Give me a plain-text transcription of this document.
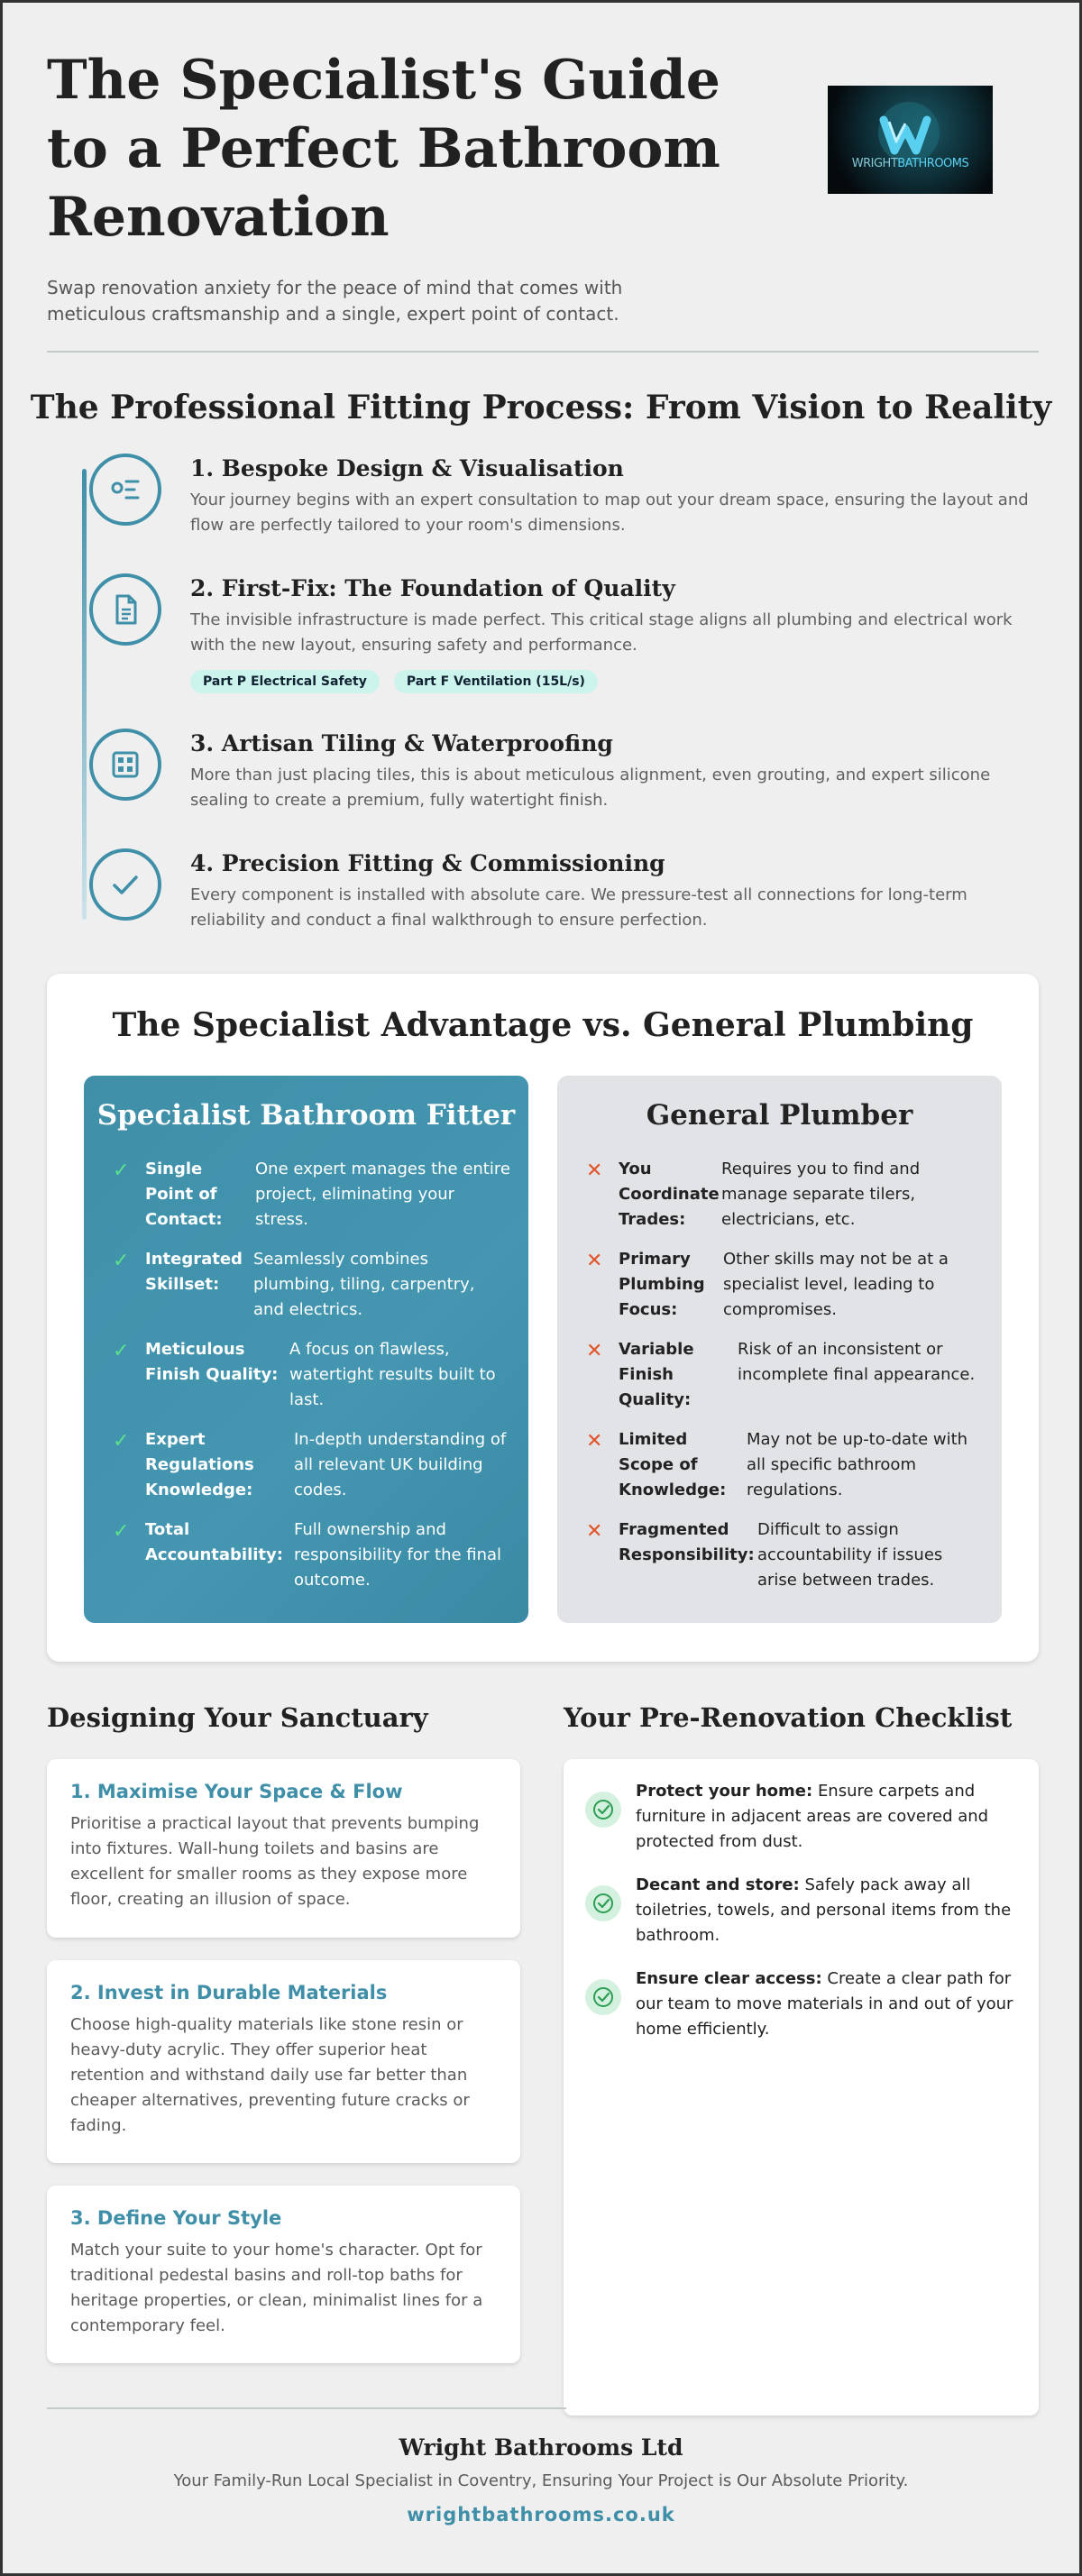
The Specialist's Guide to a Perfect Bathroom Renovation

Swap renovation anxiety for the peace of mind that comes with meticulous craftsmanship and a single, expert point of contact.

WRIGHTBATHROOMS
The Professional Fitting Process: From Vision to Reality
1. Bespoke Design & Visualisation
Your journey begins with an expert consultation to map out your dream space, ensuring the layout and flow are perfectly tailored to your room's dimensions.
2. First-Fix: The Foundation of Quality
The invisible infrastructure is made perfect. This critical stage aligns all plumbing and electrical work with the new layout, ensuring safety and performance.
Part P Electrical Safety	Part F Ventilation (15L/s)
3. Artisan Tiling & Waterproofing
More than just placing tiles, this is about meticulous alignment, even grouting, and expert silicone sealing to create a premium, fully watertight finish.
4. Precision Fitting & Commissioning
Every component is installed with absolute care. We pressure-test all connections for long-term reliability and conduct a final walkthrough to ensure perfection.
The Specialist Advantage vs. General Plumbing
Specialist Bathroom Fitter
✓ Single Point of Contact:
One expert manages the entire project, eliminating your stress.
✓ Integrated Skillset:
Seamlessly combines plumbing, tiling, carpentry, and electrics.
✓ Meticulous Finish Quality:
A focus on flawless, watertight results built to last.
✓ Expert Regulations Knowledge:
In-depth understanding of all relevant UK building codes.
✓ Total Accountability:
Full ownership and responsibility for the final outcome.
General Plumber
✕ You Coordinate Trades:
Requires you to find and manage separate tilers, electricians, etc.
✕ Primary Plumbing Focus:
Other skills may not be at a specialist level, leading to compromises.
✕ Variable Finish Quality:
Risk of an inconsistent or incomplete final appearance.
✕ Limited Scope of Knowledge:
May not be up-to-date with all specific bathroom regulations.
✕ Fragmented Responsibility:
Difficult to assign accountability if issues arise between trades.
Designing Your Sanctuary
1. Maximise Your Space & Flow
Prioritise a practical layout that prevents bumping into fixtures. Wall-hung toilets and basins are excellent for smaller rooms as they expose more floor, creating an illusion of space.
2. Invest in Durable Materials
Choose high-quality materials like stone resin or heavy-duty acrylic. They offer superior heat retention and withstand daily use far better than cheaper alternatives, preventing future cracks or fading.
3. Define Your Style
Match your suite to your home's character. Opt for traditional pedestal basins and roll-top baths for heritage properties, or clean, minimalist lines for a contemporary feel.
Your Pre-Renovation Checklist
Protect your home: Ensure carpets and furniture in adjacent areas are covered and protected from dust.
Decant and store: Safely pack away all toiletries, towels, and personal items from the bathroom.
Ensure clear access: Create a clear path for our team to move materials in and out of your home efficiently.
Wright Bathrooms Ltd
Your Family-Run Local Specialist in Coventry, Ensuring Your Project is Our Absolute Priority.
wrightbathrooms.co.uk
